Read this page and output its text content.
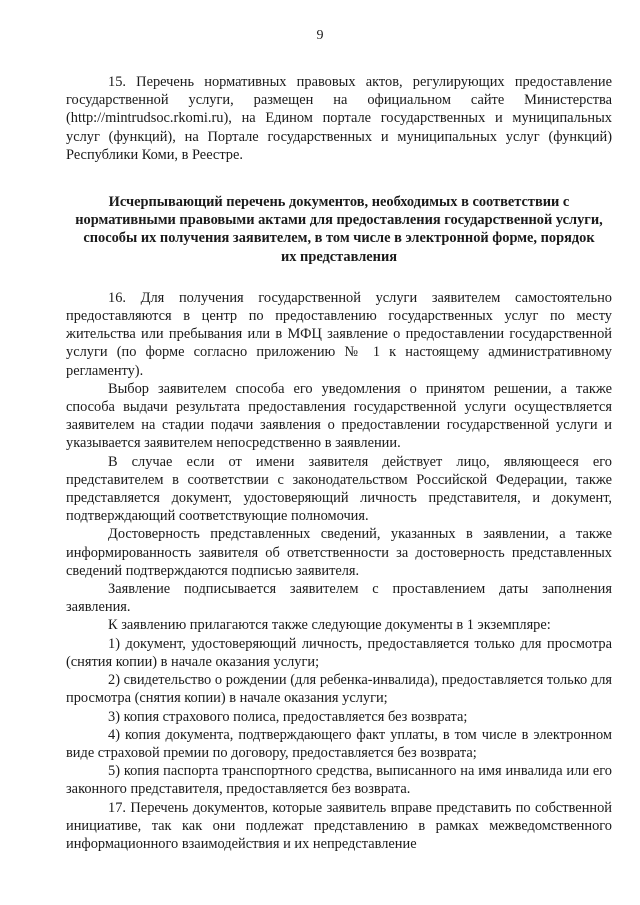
9

15. Перечень нормативных правовых актов, регулирующих предоставление государственной услуги, размещен на официальном сайте Министерства (http://mintrudsoc.rkomi.ru), на Едином портале государственных и муниципальных услуг (функций), на Портале государственных и муниципальных услуг (функций) Республики Коми, в Реестре.

Исчерпывающий перечень документов, необходимых в соответствии с нормативными правовыми актами для предоставления государственной услуги, способы их получения заявителем, в том числе в электронной форме, порядок их представления

16. Для получения государственной услуги заявителем самостоятельно предоставляются в центр по предоставлению государственных услуг по месту жительства или пребывания или в МФЦ заявление о предоставлении государственной услуги (по форме согласно приложению № 1 к настоящему административному регламенту).

Выбор заявителем способа его уведомления о принятом решении, а также способа выдачи результата предоставления государственной услуги осуществляется заявителем на стадии подачи заявления о предоставлении государственной услуги и указывается заявителем непосредственно в заявлении.

В случае если от имени заявителя действует лицо, являющееся его представителем в соответствии с законодательством Российской Федерации, также представляется документ, удостоверяющий личность представителя, и документ, подтверждающий соответствующие полномочия.

Достоверность представленных сведений, указанных в заявлении, а также информированность заявителя об ответственности за достоверность представленных сведений подтверждаются подписью заявителя.

Заявление подписывается заявителем с проставлением даты заполнения заявления.

К заявлению прилагаются также следующие документы в 1 экземпляре:

1) документ, удостоверяющий личность, предоставляется только для просмотра (снятия копии) в начале оказания услуги;

2) свидетельство о рождении (для ребенка-инвалида), предоставляется только для просмотра (снятия копии) в начале оказания услуги;

3) копия страхового полиса, предоставляется без возврата;

4) копия документа, подтверждающего факт уплаты, в том числе в электронном виде страховой премии по договору, предоставляется без возврата;

5) копия паспорта транспортного средства, выписанного на имя инвалида или его законного представителя, предоставляется без возврата.

17. Перечень документов, которые заявитель вправе представить по собственной инициативе, так как они подлежат представлению в рамках межведомственного информационного взаимодействия и их непредставление
